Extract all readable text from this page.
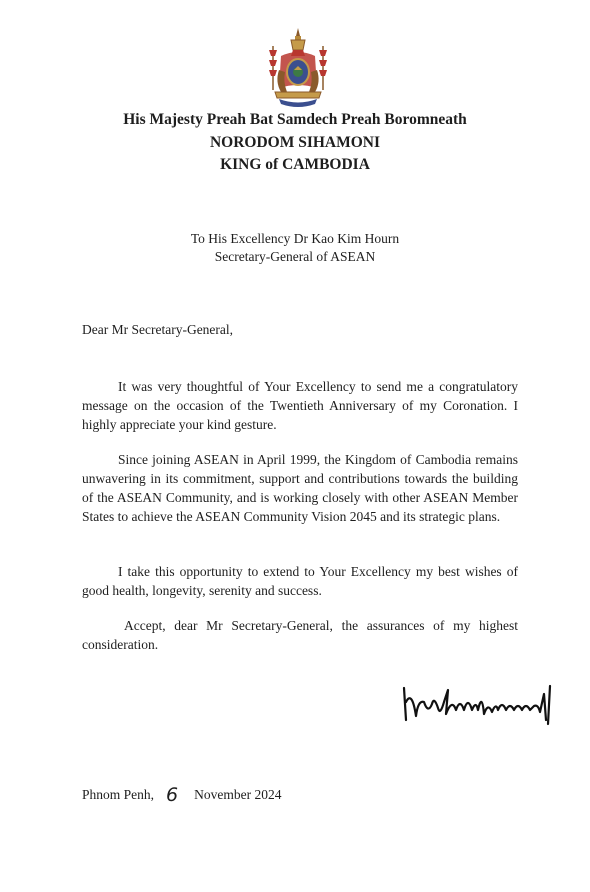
His Majesty Preah Bat Samdech Preah Boromneath
NORODOM SIHAMONI
KING of CAMBODIA
To His Excellency Dr Kao Kim Hourn
Secretary-General of ASEAN
Dear Mr Secretary-General,

It was very thoughtful of Your Excellency to send me a congratulatory message on the occasion of the Twentieth Anniversary of my Coronation. I highly appreciate your kind gesture.

Since joining ASEAN in April 1999, the Kingdom of Cambodia remains unwavering in its commitment, support and contributions towards the building of the ASEAN Community, and is working closely with other ASEAN Member States to achieve the ASEAN Community Vision 2045 and its strategic plans.

I take this opportunity to extend to Your Excellency my best wishes of good health, longevity, serenity and success.

Accept, dear Mr Secretary-General, the assurances of my highest consideration.

Phnom Penh, 6 November 2024
